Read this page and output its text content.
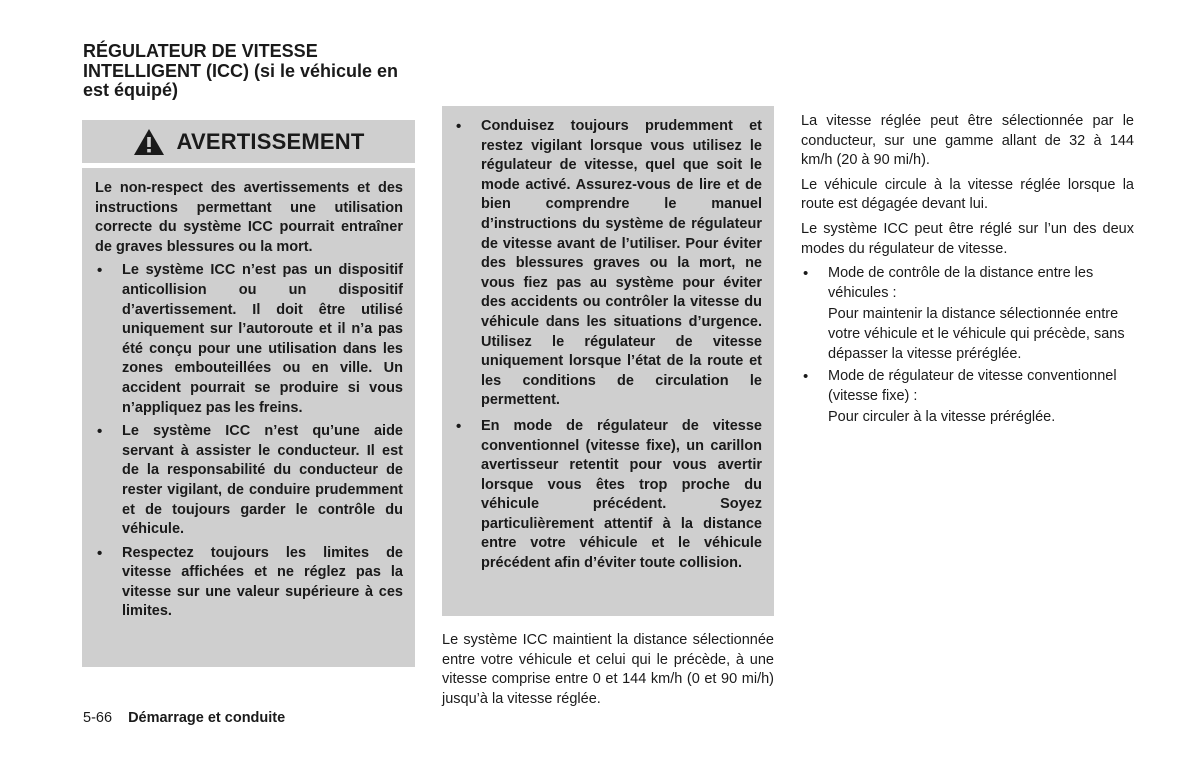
RÉGULATEUR DE VITESSE INTELLIGENT (ICC) (si le véhicule en est équipé)
AVERTISSEMENT

Le non-respect des avertissements et des instructions permettant une utilisation correcte du système ICC pourrait entraîner de graves blessures ou la mort.

• Le système ICC n’est pas un dispositif anticollision ou un dispositif d’avertissement. Il doit être utilisé uniquement sur l’autoroute et il n’a pas été conçu pour une utilisation dans les zones embouteillées ou en ville. Un accident pourrait se produire si vous n’appliquez pas les freins.
• Le système ICC n’est qu’une aide servant à assister le conducteur. Il est de la responsabilité du conducteur de rester vigilant, de conduire prudemment et de toujours garder le contrôle du véhicule.
• Respectez toujours les limites de vitesse affichées et ne réglez pas la vitesse sur une valeur supérieure à ces limites.
• Conduisez toujours prudemment et restez vigilant lorsque vous utilisez le régulateur de vitesse, quel que soit le mode activé. Assurez-vous de lire et de bien comprendre le manuel d’instructions du système de régulateur de vitesse avant de l’utiliser. Pour éviter des blessures graves ou la mort, ne vous fiez pas au système pour éviter des accidents ou contrôler la vitesse du véhicule dans les situations d’urgence. Utilisez le régulateur de vitesse uniquement lorsque l’état de la route et les conditions de circulation le permettent.
• En mode de régulateur de vitesse conventionnel (vitesse fixe), un carillon avertisseur retentit pour vous avertir lorsque vous êtes trop proche du véhicule précédent. Soyez particulièrement attentif à la distance entre votre véhicule et le véhicule précédent afin d’éviter toute collision.

Le système ICC maintient la distance sélectionnée entre votre véhicule et celui qui le précède, à une vitesse comprise entre 0 et 144 km/h (0 et 90 mi/h) jusqu’à la vitesse réglée.

La vitesse réglée peut être sélectionnée par le conducteur, sur une gamme allant de 32 à 144 km/h (20 à 90 mi/h).

Le véhicule circule à la vitesse réglée lorsque la route est dégagée devant lui.

Le système ICC peut être réglé sur l’un des deux modes du régulateur de vitesse.

• Mode de contrôle de la distance entre les véhicules :
Pour maintenir la distance sélectionnée entre votre véhicule et le véhicule qui précède, sans dépasser la vitesse préréglée.
• Mode de régulateur de vitesse conventionnel (vitesse fixe) :
Pour circuler à la vitesse préréglée.
5-66 Démarrage et conduite
